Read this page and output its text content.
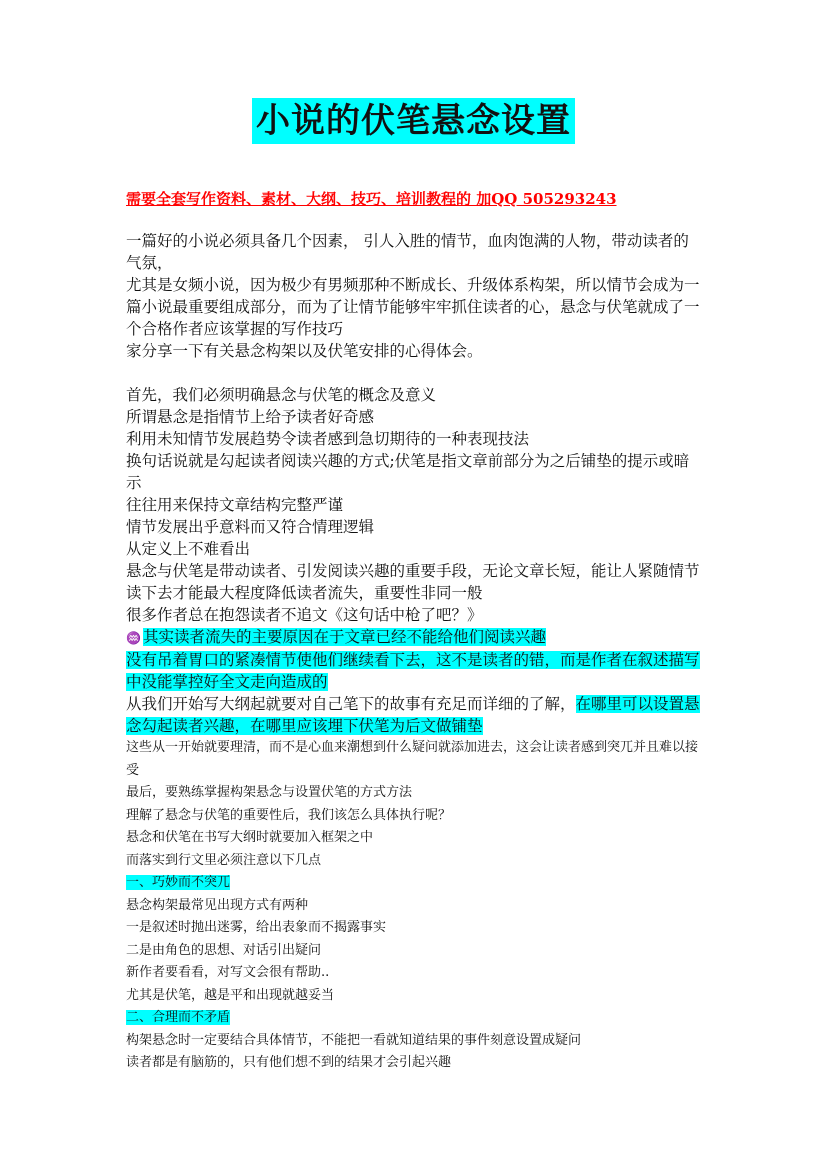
小说的伏笔悬念设置
需要全套写作资料、素材、大纲、技巧、培训教程的 加QQ 505293243

一篇好的小说必须具备几个因素， 引人入胜的情节，血肉饱满的人物，带动读者的气氛，

尤其是女频小说，因为极少有男频那种不断成长、升级体系构架，所以情节会成为一篇小说最重要组成部分，而为了让情节能够牢牢抓住读者的心，悬念与伏笔就成了一个合格作者应该掌握的写作技巧

家分享一下有关悬念构架以及伏笔安排的心得体会。

首先，我们必须明确悬念与伏笔的概念及意义

所谓悬念是指情节上给予读者好奇感

利用未知情节发展趋势令读者感到急切期待的一种表现技法

换句话说就是勾起读者阅读兴趣的方式;伏笔是指文章前部分为之后铺垫的提示或暗示

往往用来保持文章结构完整严谨

情节发展出乎意料而又符合情理逻辑

从定义上不难看出

悬念与伏笔是带动读者、引发阅读兴趣的重要手段，无论文章长短，能让人紧随情节读下去才能最大程度降低读者流失，重要性非同一般

很多作者总在抱怨读者不追文《这句话中枪了吧？》

♒ 其实读者流失的主要原因在于文章已经不能给他们阅读兴趣

没有吊着胃口的紧凑情节使他们继续看下去，这不是读者的错，而是作者在叙述描写中没能掌控好全文走向造成的

从我们开始写大纲起就要对自己笔下的故事有充足而详细的了解，在哪里可以设置悬念勾起读者兴趣，在哪里应该埋下伏笔为后文做铺垫

这些从一开始就要理清，而不是心血来潮想到什么疑问就添加进去，这会让读者感到突兀并且难以接受

最后，要熟练掌握构架悬念与设置伏笔的方式方法

理解了悬念与伏笔的重要性后，我们该怎么具体执行呢？

悬念和伏笔在书写大纲时就要加入框架之中

而落实到行文里必须注意以下几点

一、巧妙而不突兀

悬念构架最常见出现方式有两种

一是叙述时抛出迷雾，给出表象而不揭露事实

二是由角色的思想、对话引出疑问

新作者要看看，对写文会很有帮助..

尤其是伏笔，越是平和出现就越妥当

二、合理而不矛盾

构架悬念时一定要结合具体情节，不能把一看就知道结果的事件刻意设置成疑问

读者都是有脑筋的，只有他们想不到的结果才会引起兴趣
